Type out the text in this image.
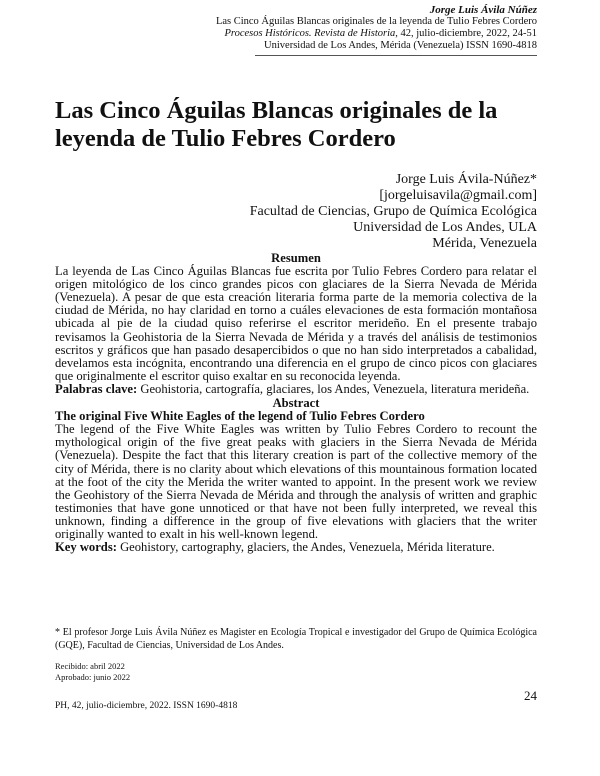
Jorge Luis Ávila Núñez
Las Cinco Águilas Blancas originales de la leyenda de Tulio Febres Cordero
Procesos Históricos. Revista de Historia, 42, julio-diciembre, 2022, 24-51
Universidad de Los Andes, Mérida (Venezuela) ISSN 1690-4818
Las Cinco Águilas Blancas originales de la leyenda de Tulio Febres Cordero
Jorge Luis Ávila-Núñez*
[jorgeluisavila@gmail.com]
Facultad de Ciencias, Grupo de Química Ecológica
Universidad de Los Andes, ULA
Mérida, Venezuela
Resumen

La leyenda de Las Cinco Águilas Blancas fue escrita por Tulio Febres Cordero para relatar el origen mitológico de los cinco grandes picos con glaciares de la Sierra Nevada de Mérida (Venezuela). A pesar de que esta creación literaria forma parte de la memoria colectiva de la ciudad de Mérida, no hay claridad en torno a cuáles elevaciones de esta formación montañosa ubicada al pie de la ciudad quiso referirse el escritor merideño. En el presente trabajo revisamos la Geohistoria de la Sierra Nevada de Mérida y a través del análisis de testimonios escritos y gráficos que han pasado desapercibidos o que no han sido interpretados a cabalidad, develamos esta incógnita, encontrando una diferencia en el grupo de cinco picos con glaciares que originalmente el escritor quiso exaltar en su reconocida leyenda.

Palabras clave: Geohistoria, cartografía, glaciares, los Andes, Venezuela, literatura merideña.

Abstract
The original Five White Eagles of the legend of Tulio Febres Cordero

The legend of the Five White Eagles was written by Tulio Febres Cordero to recount the mythological origin of the five great peaks with glaciers in the Sierra Nevada de Mérida (Venezuela). Despite the fact that this literary creation is part of the collective memory of the city of Mérida, there is no clarity about which elevations of this mountainous formation located at the foot of the city the Merida the writer wanted to appoint. In the present work we review the Geohistory of the Sierra Nevada de Mérida and through the analysis of written and graphic testimonies that have gone unnoticed or that have not been fully interpreted, we reveal this unknown, finding a difference in the group of five elevations with glaciers that the writer originally wanted to exalt in his well-known legend.

Key words: Geohistory, cartography, glaciers, the Andes, Venezuela, Mérida literature.

* El profesor Jorge Luis Ávila Núñez es Magister en Ecología Tropical e investigador del Grupo de Química Ecológica (GQE), Facultad de Ciencias, Universidad de Los Andes.
Recibido: abril 2022
Aprobado: junio 2022
24
PH, 42, julio-diciembre, 2022. ISSN 1690-4818
